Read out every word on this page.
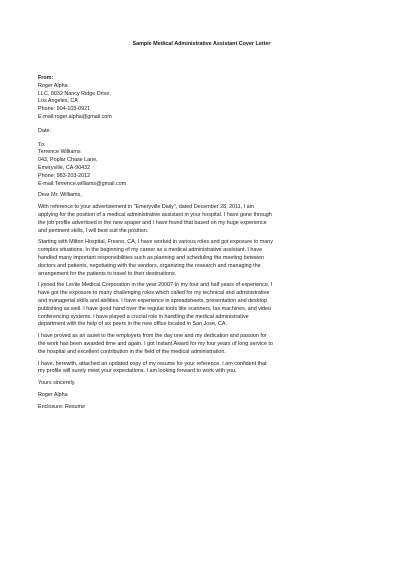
Sample Medical Administrative Assistant Cover Letter
From:
Roger Alpha
LLC, 8032 Nancy Ridge Drive,
Los Angeles, CA
Phone: 904-103-0921
E-mail:roger.alpha@gmail.com
Date:
To:
Terrence Williams
043, Poplar Chase Lane,
Emeryville, CA-90432
Phone: 983-203-2012
E-mail:Terrence.williams@gmail.com
Dear Mr. Williams,
With reference to your advertisement in "Emeryville Daily", dated December 28, 2011, I am
applying for the position of a medical administrative assistant in your hospital. I have gone through
the job profile advertised in the new spaper and I have found that based on my huge experience
and pertinent skills, I will best suit the position.
Starting with Milton Hospital, Fresno, CA, I have worked in various roles and got exposure to many
complex situations. In the beginning of my career as a medical administrative assistant, I have
handled many important responsibilities such as planning and scheduling the meeting between
doctors and patients, negotiating with the vendors, organizing the research and managing the
arrangement for the patients to travel to their destinations.
I joined the Levite Medical Corporation in the year 2000? In my four and half years of experience, I
have got the exposure to many challenging roles which called for my technical and administrative
and managerial skills and abilities. I have experience in spreadsheets, presentation and desktop
publishing as well. I have good hand over the regular tools like scanners, fax machines, and video
conferencing systems. I have played a crucial role in handling the medical administrative
department with the help of six peers in the new office located in San Jose, CA.
I have proved as an asset to the employers from the day one and my dedication and passion for
the work has been awarded time and again. I got Instant Award for my four years of long service to
the hospital and excellent contribution in the field of the medical administration.
I have, herewith, attached an updated copy of my resume for your reference. I am confident that
my profile will surely meet your expectations. I am looking forward to work with you.
Yours sincerely,
Roger Alpha
Enclosure: Resume
